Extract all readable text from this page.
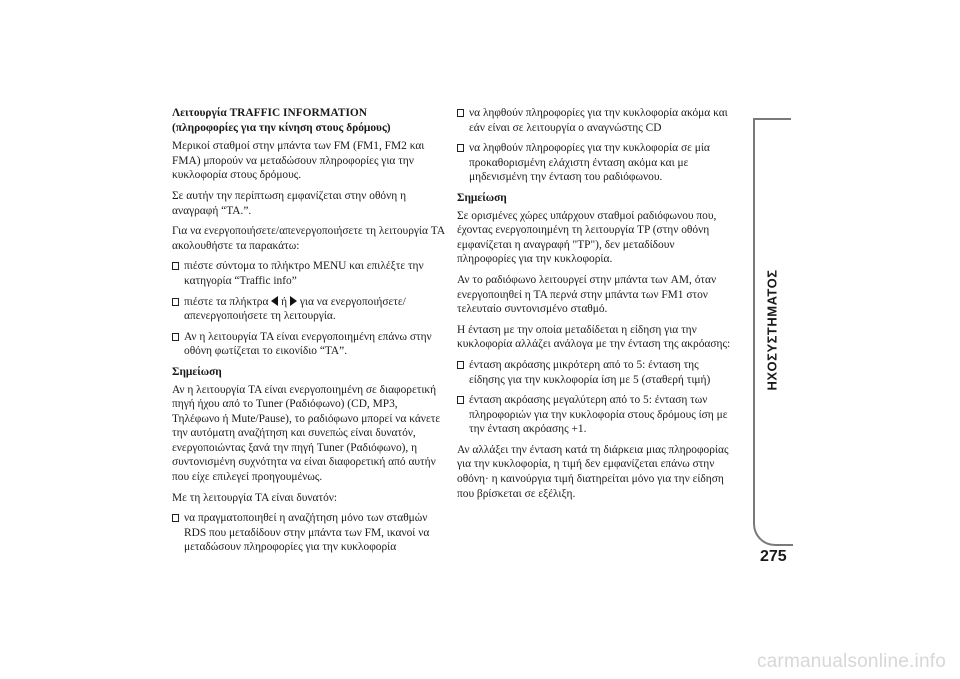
Λειτουργία TRAFFIC INFORMATION
(πληροφορίες για την κίνηση στους δρόμους)

Μερικοί σταθμοί στην μπάντα των FM (FM1, FM2 και FMA) μπορούν να μεταδώσουν πληροφορίες για την κυκλοφορία στους δρόμους.

Σε αυτήν την περίπτωση εμφανίζεται στην οθόνη η αναγραφή “TA.”.

Για να ενεργοποιήσετε/απενεργοποιήσετε τη λειτουργία TA ακολουθήστε τα παρακάτω:

πιέστε σύντομα το πλήκτρο MENU και επιλέξτε την κατηγορία “Traffic info”
πιέστε τα πλήκτρα ή για να ενεργοποιήσετε/απενεργοποιήσετε τη λειτουργία.
Αν η λειτουργία TA είναι ενεργοποιημένη επάνω στην οθόνη φωτίζεται το εικονίδιο “TA”.
Σημείωση

Αν η λειτουργία TA είναι ενεργοποιημένη σε διαφορετική πηγή ήχου από το Tuner (Ραδιόφωνο) (CD, MP3, Τηλέφωνο ή Mute/Pause), το ραδιόφωνο μπορεί να κάνετε την αυτόματη αναζήτηση και συνεπώς είναι δυνατόν, ενεργοποιώντας ξανά την πηγή Tuner (Ραδιόφωνο), η συντονισμένη συχνότητα να είναι διαφορετική από αυτήν που είχε επιλεγεί προηγουμένως.

Με τη λειτουργία TA είναι δυνατόν:

να πραγματοποιηθεί η αναζήτηση μόνο των σταθμών RDS που μεταδίδουν στην μπάντα των FM, ικανοί να μεταδώσουν πληροφορίες για την κυκλοφορία
να ληφθούν πληροφορίες για την κυκλοφορία ακόμα και εάν είναι σε λειτουργία ο αναγνώστης CD
να ληφθούν πληροφορίες για την κυκλοφορία σε μία προκαθορισμένη ελάχιστη ένταση ακόμα και με μηδενισμένη την ένταση του ραδιόφωνου.
Σημείωση

Σε ορισμένες χώρες υπάρχουν σταθμοί ραδιόφωνου που, έχοντας ενεργοποιημένη τη λειτουργία TP (στην οθόνη εμφανίζεται η αναγραφή "TP"), δεν μεταδίδουν πληροφορίες για την κυκλοφορία.

Αν το ραδιόφωνο λειτουργεί στην μπάντα των AM, όταν ενεργοποιηθεί η TA περνά στην μπάντα των FM1 στον τελευταίο συντονισμένο σταθμό.

Η ένταση με την οποία μεταδίδεται η είδηση για την κυκλοφορία αλλάζει ανάλογα με την ένταση της ακρόασης:

ένταση ακρόασης μικρότερη από το 5: ένταση της είδησης για την κυκλοφορία ίση με 5 (σταθερή τιμή)
ένταση ακρόασης μεγαλύτερη από το 5: ένταση των πληροφοριών για την κυκλοφορία στους δρόμους ίση με την ένταση ακρόασης +1.

Αν αλλάξει την ένταση κατά τη διάρκεια μιας πληροφορίας για την κυκλοφορία, η τιμή δεν εμφανίζεται επάνω στην οθόνη· η καινούργια τιμή διατηρείται μόνο για την είδηση που βρίσκεται σε εξέλιξη.

ΗΧΟΣΥΣΤΗΜΑΤΟΣ
275
carmanualsonline.info
